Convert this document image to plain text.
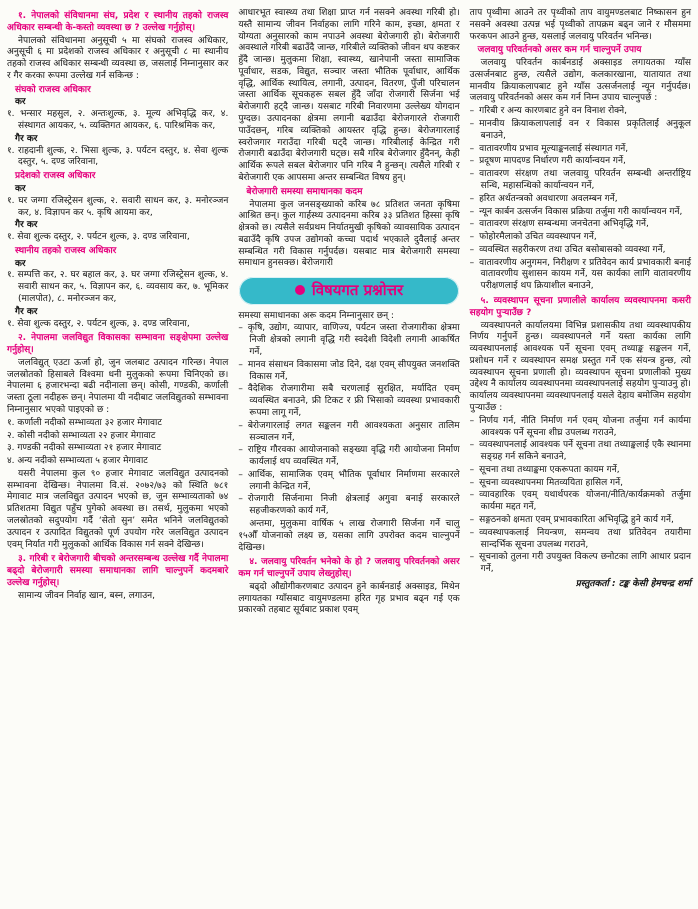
१. नेपालको संविधानमा संघ, प्रदेश र स्थानीय तहको राजस्व अधिकार सम्बन्धी के-कस्तो व्यवस्था छ ? उल्लेख गर्नुहोस्।
नेपालको संविधानमा अनुसूची ५ मा संघको राजस्व अधिकार, अनुसूची ६ मा प्रदेशको राजस्व अधिकार र अनुसूची ८ मा स्थानीय तहको राजस्व अधिकार सम्बन्धी व्यवस्था छ, जसलाई निम्नानुसार कर र गैर करका रूपमा उल्लेख गर्न सकिन्छ :
संघको राजस्व अधिकार
कर
१. भन्सार महसुल, २. अन्तःशुल्क, ३. मूल्य अभिवृद्धि कर, ४. संस्थागत आयकर, ५. व्यक्तिगत आयकर, ६. पारिश्रमिक कर,
गैर कर
१. राहदानी शुल्क, २. भिसा शुल्क, ३. पर्यटन दस्तुर, ४. सेवा शुल्क दस्तुर, ५. दण्ड जरिवाना,
प्रदेशको राजस्व अधिकार
कर
१. घर जग्गा रजिस्ट्रेसन शुल्क, २. सवारी साधन कर, ३. मनोरञ्जन कर, ४. विज्ञापन कर ५. कृषि आयमा कर,
गैर कर
१. सेवा शुल्क दस्तुर, २. पर्यटन शुल्क, ३. दण्ड जरिवाना,
स्थानीय तहको राजस्व अधिकार
कर
१. सम्पत्ति कर, २. घर बहाल कर, ३. घर जग्गा रजिस्ट्रेसन शुल्क, ४. सवारी साधन कर, ५. विज्ञापन कर, ६. व्यवसाय कर, ७. भूमिकर (मालपोत), ८. मनोरञ्जन कर,
गैर कर
१. सेवा शुल्क दस्तुर, २. पर्यटन शुल्क, ३. दण्ड जरिवाना,
२. नेपालमा जलविद्युत विकासका सम्भावना सङ्क्षेपमा उल्लेख गर्नुहोस्।
जलविद्युत् एउटा ऊर्जा हो, जुन जलबाट उत्पादन गरिन्छ। नेपाल जलस्रोतको हिसाबले विश्वमा धनी मुलुकको रूपमा चिनिएको छ। नेपालमा ६ हजारभन्दा बढी नदीनाला छन्। कोसी, गण्डकी, कर्णाली जस्ता ठूला नदीहरू छन्। नेपालमा यी नदीबाट जलविद्युतको सम्भावना निम्नानुसार भएको पाइएको छ :
१. कर्णाली नदीको सम्भाव्यता ३२ हजार मेगावाट
२. कोसी नदीको सम्भाव्यता २२ हजार मेगावाट
३. गण्डकी नदीको सम्भाव्यता २१ हजार मेगावाट
४. अन्य नदीको सम्भाव्यता ५ हजार मेगावाट
यसरी नेपालमा कुल ९० हजार मेगावाट जलविद्युत उत्पादनको सम्भावना देखिन्छ। नेपालमा वि.सं. २०७२/७३ को स्थिति ७८१ मेगावाट मात्र जलविद्युत उत्पादन भएको छ, जुन सम्भाव्यताको ७४ प्रतिशतमा विद्युत पहुँच पुगेको अवस्था छ। तसर्थ, मुलुकमा भएको जलस्रोतको सदुपयोग गर्दै ‘सेतो सुन’ समेत भनिने जलविद्युतको उत्पादन र उत्पादित विद्युतको पूर्ण उपयोग गरेर जलविद्युत उत्पादन एवम् निर्यात गरी मुलुकको आर्थिक विकास गर्न सक्ने देखिन्छ।
३. गरिबी र बेरोजगारी बीचको अन्तरसम्बन्ध उल्लेख गर्दै नेपालमा बढ्दो बेरोजगारी समस्या समाधानका लागि चाल्नुपर्ने कदमबारे उल्लेख गर्नुहोस्।
सामान्य जीवन निर्वाह खान, बस्न, लगाउन,
आधारभूत स्वास्थ्य तथा शिक्षा प्राप्त गर्न नसक्ने अवस्था गरिबी हो। यस्तै सामान्य जीवन निर्वाहका लागि गरिने काम, इच्छा, क्षमता र योग्यता अनुसारको काम नपाउने अवस्था बेरोजगारी हो। बेरोजगारी अवस्थाले गरिबी बढाउँदै जान्छ, गरिबीले व्यक्तिको जीवन थप कष्टकर हुँदै जान्छ। मुलुकमा शिक्षा, स्वास्थ्य, खानेपानी जस्ता सामाजिक पूर्वाधार, सडक, विद्युत, सञ्चार जस्ता भौतिक पूर्वाधार, आर्थिक वृद्धि, आर्थिक स्थायित्व, लगानी, उत्पादन, वितरण, पुँजी परिचालन जस्ता आर्थिक सूचकहरू सबल हुँदै जाँदा रोजगारी सिर्जना भई बेरोजगारी हट्दै जान्छ। यसबाट गरिबी निवारणमा उल्लेख्य योगदान पुग्दछ। उत्पादनका क्षेत्रमा लगानी बढाउँदा बेरोजगारले रोजगारी पाउँदछन्, गरिब व्यक्तिको आयस्तर वृद्धि हुन्छ। बेरोजगारलाई स्वरोजगार गराउँदा गरिबी घट्दै जान्छ। गरिबीलाई केन्द्रित गरी रोजगारी बढाउँदा बेरोजगारी घट्छ। सबै गरिब बेरोजगार हुँदैनन्, केही आर्थिक रूपले सबल बेरोजगार पनि गरिब नै हुन्छन्। त्यसैले गरिबी र बेरोजगारी एक आपसमा अन्तर सम्बन्धित विषय हुन्।
बेरोजगारी समस्या समाधानका कदम
नेपालमा कुल जनसङ्ख्याको करिब ७८ प्रतिशत जनता कृषिमा आश्रित छन्। कुल गार्हस्थ्य उत्पादनमा करिब ३३ प्रतिशत हिस्सा कृषि क्षेत्रको छ। त्यसैले सर्वप्रथम निर्यातमुखी कृषिको व्यावसायिक उत्पादन बढाउँदै कृषि उपज उद्योगको कच्चा पदार्थ भएकाले दुवैलाई अन्तर सम्बन्धित गरी विकास गर्नुपर्दछ। यसबाट मात्र बेरोजगारी समस्या समाधान हुनसक्छ। बेरोजगारी
विषयगत प्रश्नोत्तर
समस्या समाधानका अरू कदम निम्नानुसार छन् :
– कृषि, उद्योग, व्यापार, वाणिज्य, पर्यटन जस्ता रोजगारीका क्षेत्रमा निजी क्षेत्रको लगानी वृद्धि गरी स्वदेशी विदेशी लगानी आकर्षित गर्ने,
– मानव संसाधन विकासमा जोड दिने, दक्ष एवम् सीपयुक्त जनशक्ति विकास गर्ने,
– वैदेशिक रोजगारीमा सबै चरणलाई सुरक्षित, मर्यादित एवम् व्यवस्थित बनाउने, फ्री टिकट र फ्री भिसाको व्यवस्था प्रभावकारी रूपमा लागू गर्ने,
– बेरोजगारलाई लगत सङ्कलन गरी आवश्यकता अनुसार तालिम सञ्चालन गर्ने,
– राष्ट्रिय गौरवका आयोजनाको सङ्ख्या वृद्धि गरी आयोजना निर्माण कार्यलाई थप व्यवस्थित गर्ने,
– आर्थिक, सामाजिक एवम् भौतिक पूर्वाधार निर्माणमा सरकारले लगानी केन्द्रित गर्ने,
– रोजगारी सिर्जनामा निजी क्षेत्रलाई अगुवा बनाई सरकारले सहजीकरणको कार्य गर्ने,
अन्तमा, मुलुकमा वार्षिक ५ लाख रोजगारी सिर्जना गर्ने चालु १५औँ योजनाको लक्ष्य छ, यसका लागि उपरोक्त कदम चाल्नुपर्ने देखिन्छ।
४. जलवायु परिवर्तन भनेको के हो ? जलवायु परिवर्तनको असर कम गर्न चाल्नुपर्ने उपाय लेख्नुहोस्।
बढ्दो औद्योगीकरणबाट उत्पादन हुने कार्बनडाई अक्साइड, मिथेन लगायतका ग्याँसबाट वायुमण्डलमा हरित गृह प्रभाव बढ्न गई एक प्रकारको तहबाट सूर्यबाट प्रकाश एवम्
ताप पृथ्वीमा आउने तर पृथ्वीको ताप वायुमण्डलबाट निष्कासन हुन नसक्ने अवस्था उत्पन्न भई पृथ्वीको तापक्रम बढ्न जाने र मौसममा फरकपन आउने हुन्छ, यसलाई जलवायु परिवर्तन भनिन्छ।
जलवायु परिवर्तनको असर कम गर्न चाल्नुपर्ने उपाय
जलवायु परिवर्तन कार्बनडाई अक्साइड लगायतका ग्याँस उत्सर्जनबाट हुन्छ, त्यसैले उद्योग, कलकारखाना, यातायात तथा मानवीय क्रियाकलापबाट हुने ग्याँस उत्सर्जनलाई न्यून गर्नुपर्दछ। जलवायु परिवर्तनको असर कम गर्न निम्न उपाय चाल्नुपर्छ :
– गरिबी र अन्य कारणबाट हुने वन विनाश रोक्ने,
– मानवीय क्रियाकलापलाई वन र विकास प्रकृतिलाई अनुकूल बनाउने,
– वातावरणीय प्रभाव मूल्याङ्कनलाई संस्थागत गर्ने,
– प्रदूषण मापदण्ड निर्धारण गरी कार्यान्वयन गर्ने,
– वातावरण संरक्षण तथा जलवायु परिवर्तन सम्बन्धी अन्तर्राष्ट्रिय सन्धि, महासन्धिको कार्यान्वयन गर्ने,
– हरित अर्थतन्त्रको अवधारणा अवलम्बन गर्ने,
– न्यून कार्बन उत्सर्जन विकास प्रक्रिया तर्जुमा गरी कार्यान्वयन गर्ने,
– वातावरण संरक्षण सम्बन्धमा जनचेतना अभिवृद्धि गर्ने,
– फोहोरमैलाको उचित व्यवस्थापन गर्ने,
– व्यवस्थित सहरीकरण तथा उचित बसोबासको व्यवस्था गर्ने,
– वातावरणीय अनुगमन, निरीक्षण र प्रतिवेदन कार्य प्रभावकारी बनाई वातावरणीय सुशासन कायम गर्ने, यस कार्यका लागि वातावरणीय परीक्षणलाई थप क्रियाशील बनाउने,
५. व्यवस्थापन सूचना प्रणालीले कार्यालय व्यवस्थापनमा कसरी सहयोग पुऱ्याउँछ ?
व्यवस्थापनले कार्यालयमा विभिन्न प्रशासकीय तथा व्यवस्थापकीय निर्णय गर्नुपर्ने हुन्छ। व्यवस्थापनले गर्ने यस्ता कार्यका लागि व्यवस्थापनलाई आवश्यक पर्ने सूचना एवम् तथ्याङ्क सङ्कलन गर्ने, प्रशोधन गर्ने र व्यवस्थापन समक्ष प्रस्तुत गर्ने एक संयन्त्र हुन्छ, त्यो व्यवस्थापन सूचना प्रणाली हो। व्यवस्थापन सूचना प्रणालीको मुख्य उद्देश्य नै कार्यालय व्यवस्थापनमा व्यवस्थापनलाई सहयोग पुऱ्याउनु हो। कार्यालय व्यवस्थापनमा व्यवस्थापनलाई यसले देहाय बमोजिम सहयोग पुऱ्याउँछ :
– निर्णय गर्न, नीति निर्माण गर्न एवम् योजना तर्जुमा गर्न कार्यमा आवश्यक पर्ने सूचना शीघ्र उपलब्ध गराउने,
– व्यवस्थापनलाई आवश्यक पर्ने सूचना तथा तथ्याङ्कलाई एकै स्थानमा सङ्ग्रह गर्न सकिने बनाउने,
– सूचना तथा तथ्याङ्कमा एकरूपता कायम गर्ने,
– सूचना व्यवस्थापनमा मितव्ययिता हासिल गर्ने,
– व्यावहारिक एवम् यथार्थपरक योजना/नीति/कार्यक्रमको तर्जुमा कार्यमा मद्दत गर्ने,
– सङ्गठनको क्षमता एवम् प्रभावकारिता अभिवृद्धि हुने कार्य गर्ने,
– व्यवस्थापकलाई नियन्त्रण, समन्वय तथा प्रतिवेदन तयारीमा सान्दर्भिक सूचना उपलब्ध गराउने,
– सूचनाको तुलना गरी उपयुक्त विकल्प छनोटका लागि आधार प्रदान गर्ने,
प्रस्तुतकर्ता : टङ्क केसी हेमचन्द्र शर्मा
